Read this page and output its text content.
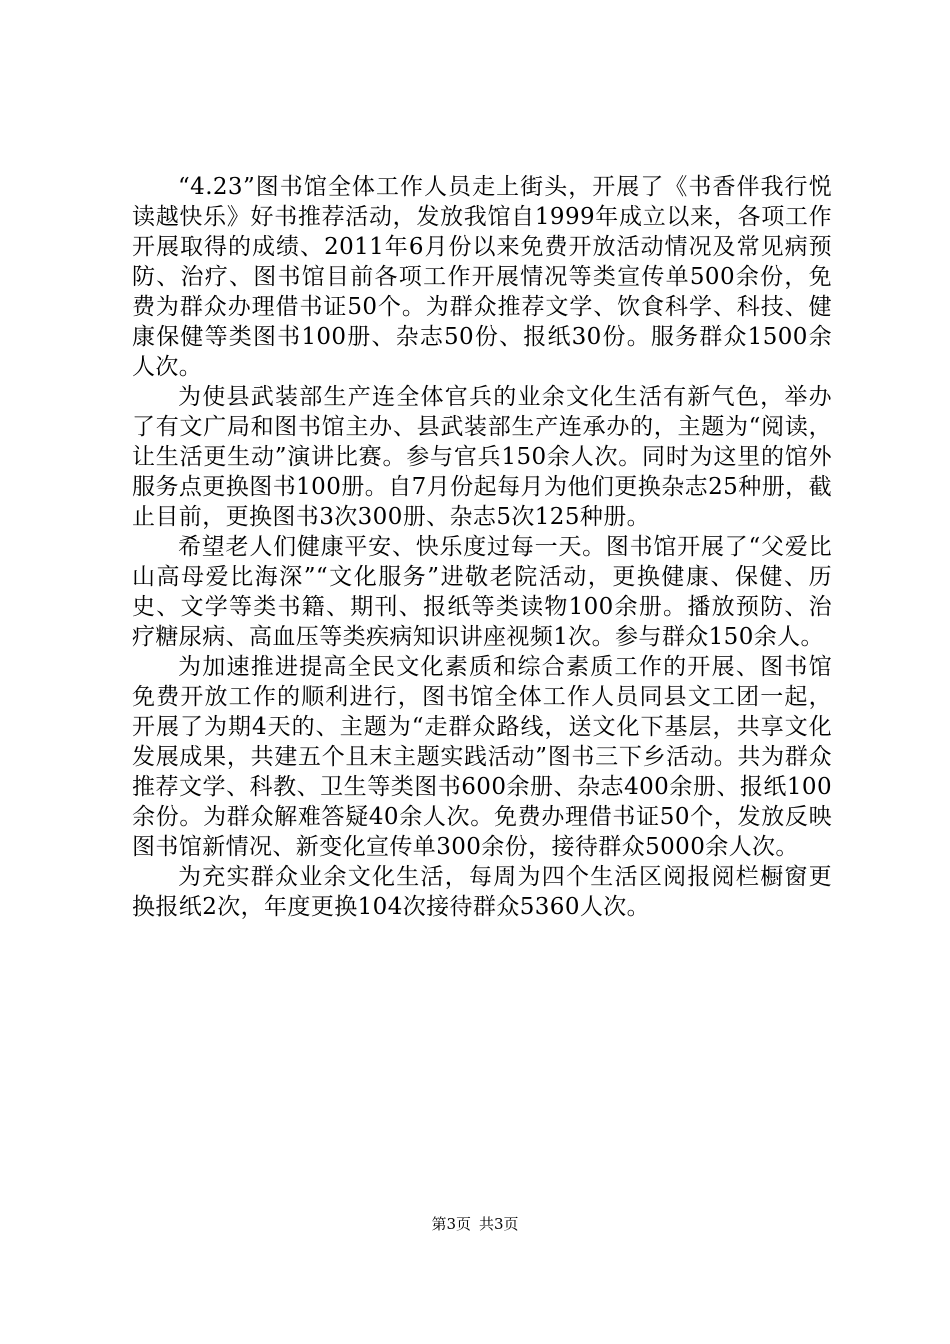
“4.23”图书馆全体工作人员走上街头，开展了《书香伴我行悦读越快乐》好书推荐活动，发放我馆自1999年成立以来，各项工作开展取得的成绩、2011年6月份以来免费开放活动情况及常见病预防、治疗、图书馆目前各项工作开展情况等类宣传单500余份，免费为群众办理借书证50个。为群众推荐文学、饮食科学、科技、健康保健等类图书100册、杂志50份、报纸30份。服务群众1500余人次。

为使县武装部生产连全体官兵的业余文化生活有新气色，举办了有文广局和图书馆主办、县武装部生产连承办的，主题为“阅读，让生活更生动”演讲比赛。参与官兵150余人次。同时为这里的馆外服务点更换图书100册。自7月份起每月为他们更换杂志25种册，截止目前，更换图书3次300册、杂志5次125种册。

希望老人们健康平安、快乐度过每一天。图书馆开展了“父爱比山高母爱比海深”“文化服务”进敬老院活动，更换健康、保健、历史、文学等类书籍、期刊、报纸等类读物100余册。播放预防、治疗糖尿病、高血压等类疾病知识讲座视频1次。参与群众150余人。

为加速推进提高全民文化素质和综合素质工作的开展、图书馆免费开放工作的顺利进行，图书馆全体工作人员同县文工团一起，开展了为期4天的、主题为“走群众路线，送文化下基层，共享文化发展成果，共建五个且末主题实践活动”图书三下乡活动。共为群众推荐文学、科教、卫生等类图书600余册、杂志400余册、报纸100余份。为群众解难答疑40余人次。免费办理借书证50个，发放反映图书馆新情况、新变化宣传单300余份，接待群众5000余人次。

为充实群众业余文化生活，每周为四个生活区阅报阅栏橱窗更换报纸2次，年度更换104次接待群众5360人次。

第3页 共3页
